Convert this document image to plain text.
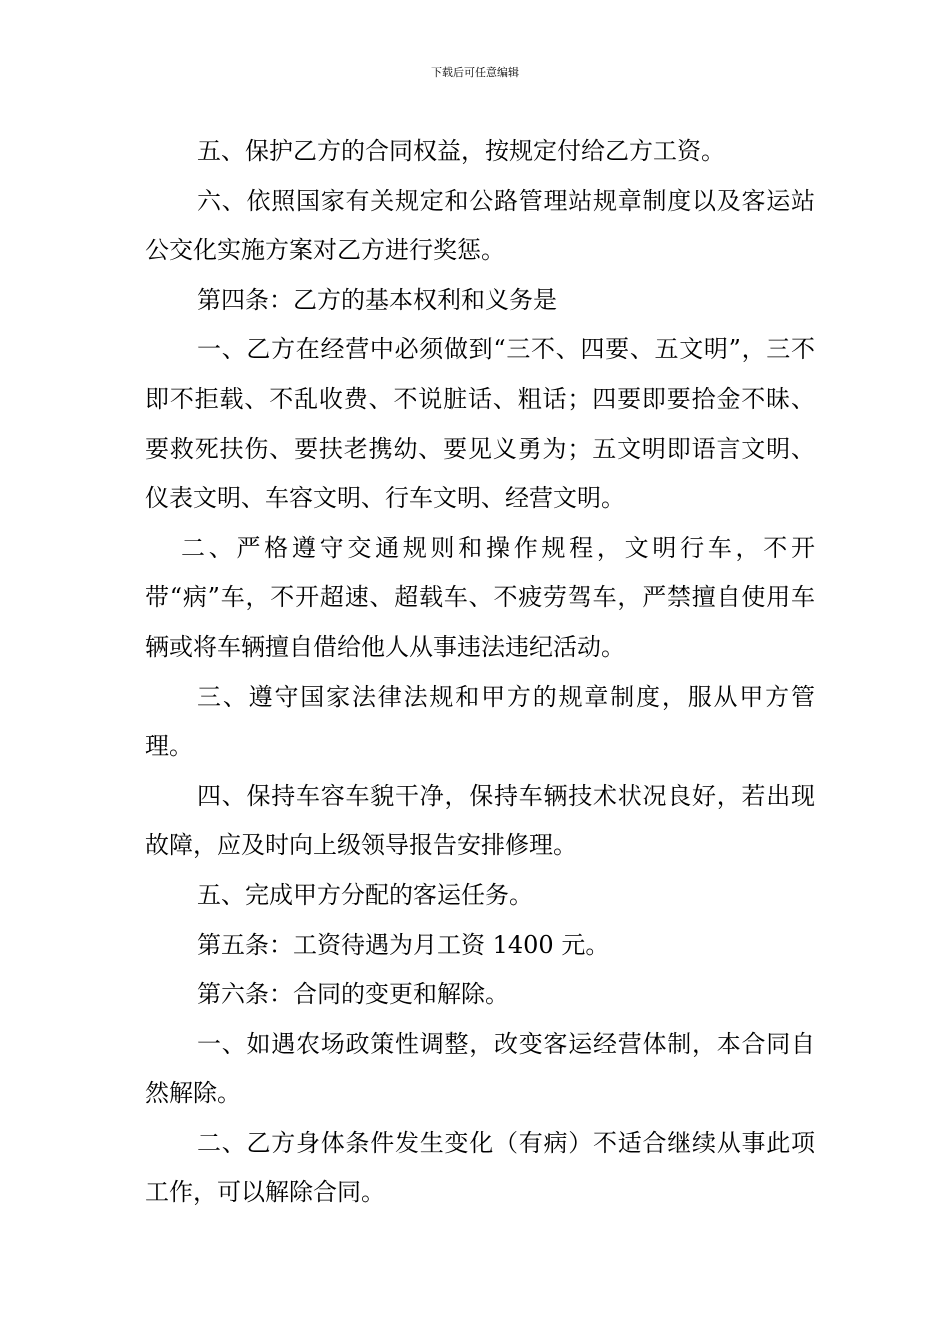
下载后可任意编辑

五、保护乙方的合同权益，按规定付给乙方工资。

六、依照国家有关规定和公路管理站规章制度以及客运站公交化实施方案对乙方进行奖惩。

第四条：乙方的基本权利和义务是

一、乙方在经营中必须做到“三不、四要、五文明”，三不即不拒载、不乱收费、不说脏话、粗话；四要即要拾金不昧、要救死扶伤、要扶老携幼、要见义勇为；五文明即语言文明、仪表文明、车容文明、行车文明、经营文明。

二、严格遵守交通规则和操作规程，文明行车，不开带“病”车，不开超速、超载车、不疲劳驾车，严禁擅自使用车辆或将车辆擅自借给他人从事违法违纪活动。

三、遵守国家法律法规和甲方的规章制度，服从甲方管理。

四、保持车容车貌干净，保持车辆技术状况良好，若出现故障，应及时向上级领导报告安排修理。

五、完成甲方分配的客运任务。

第五条：工资待遇为月工资 1400 元。

第六条：合同的变更和解除。

一、如遇农场政策性调整，改变客运经营体制，本合同自然解除。

二、乙方身体条件发生变化（有病）不适合继续从事此项工作，可以解除合同。
